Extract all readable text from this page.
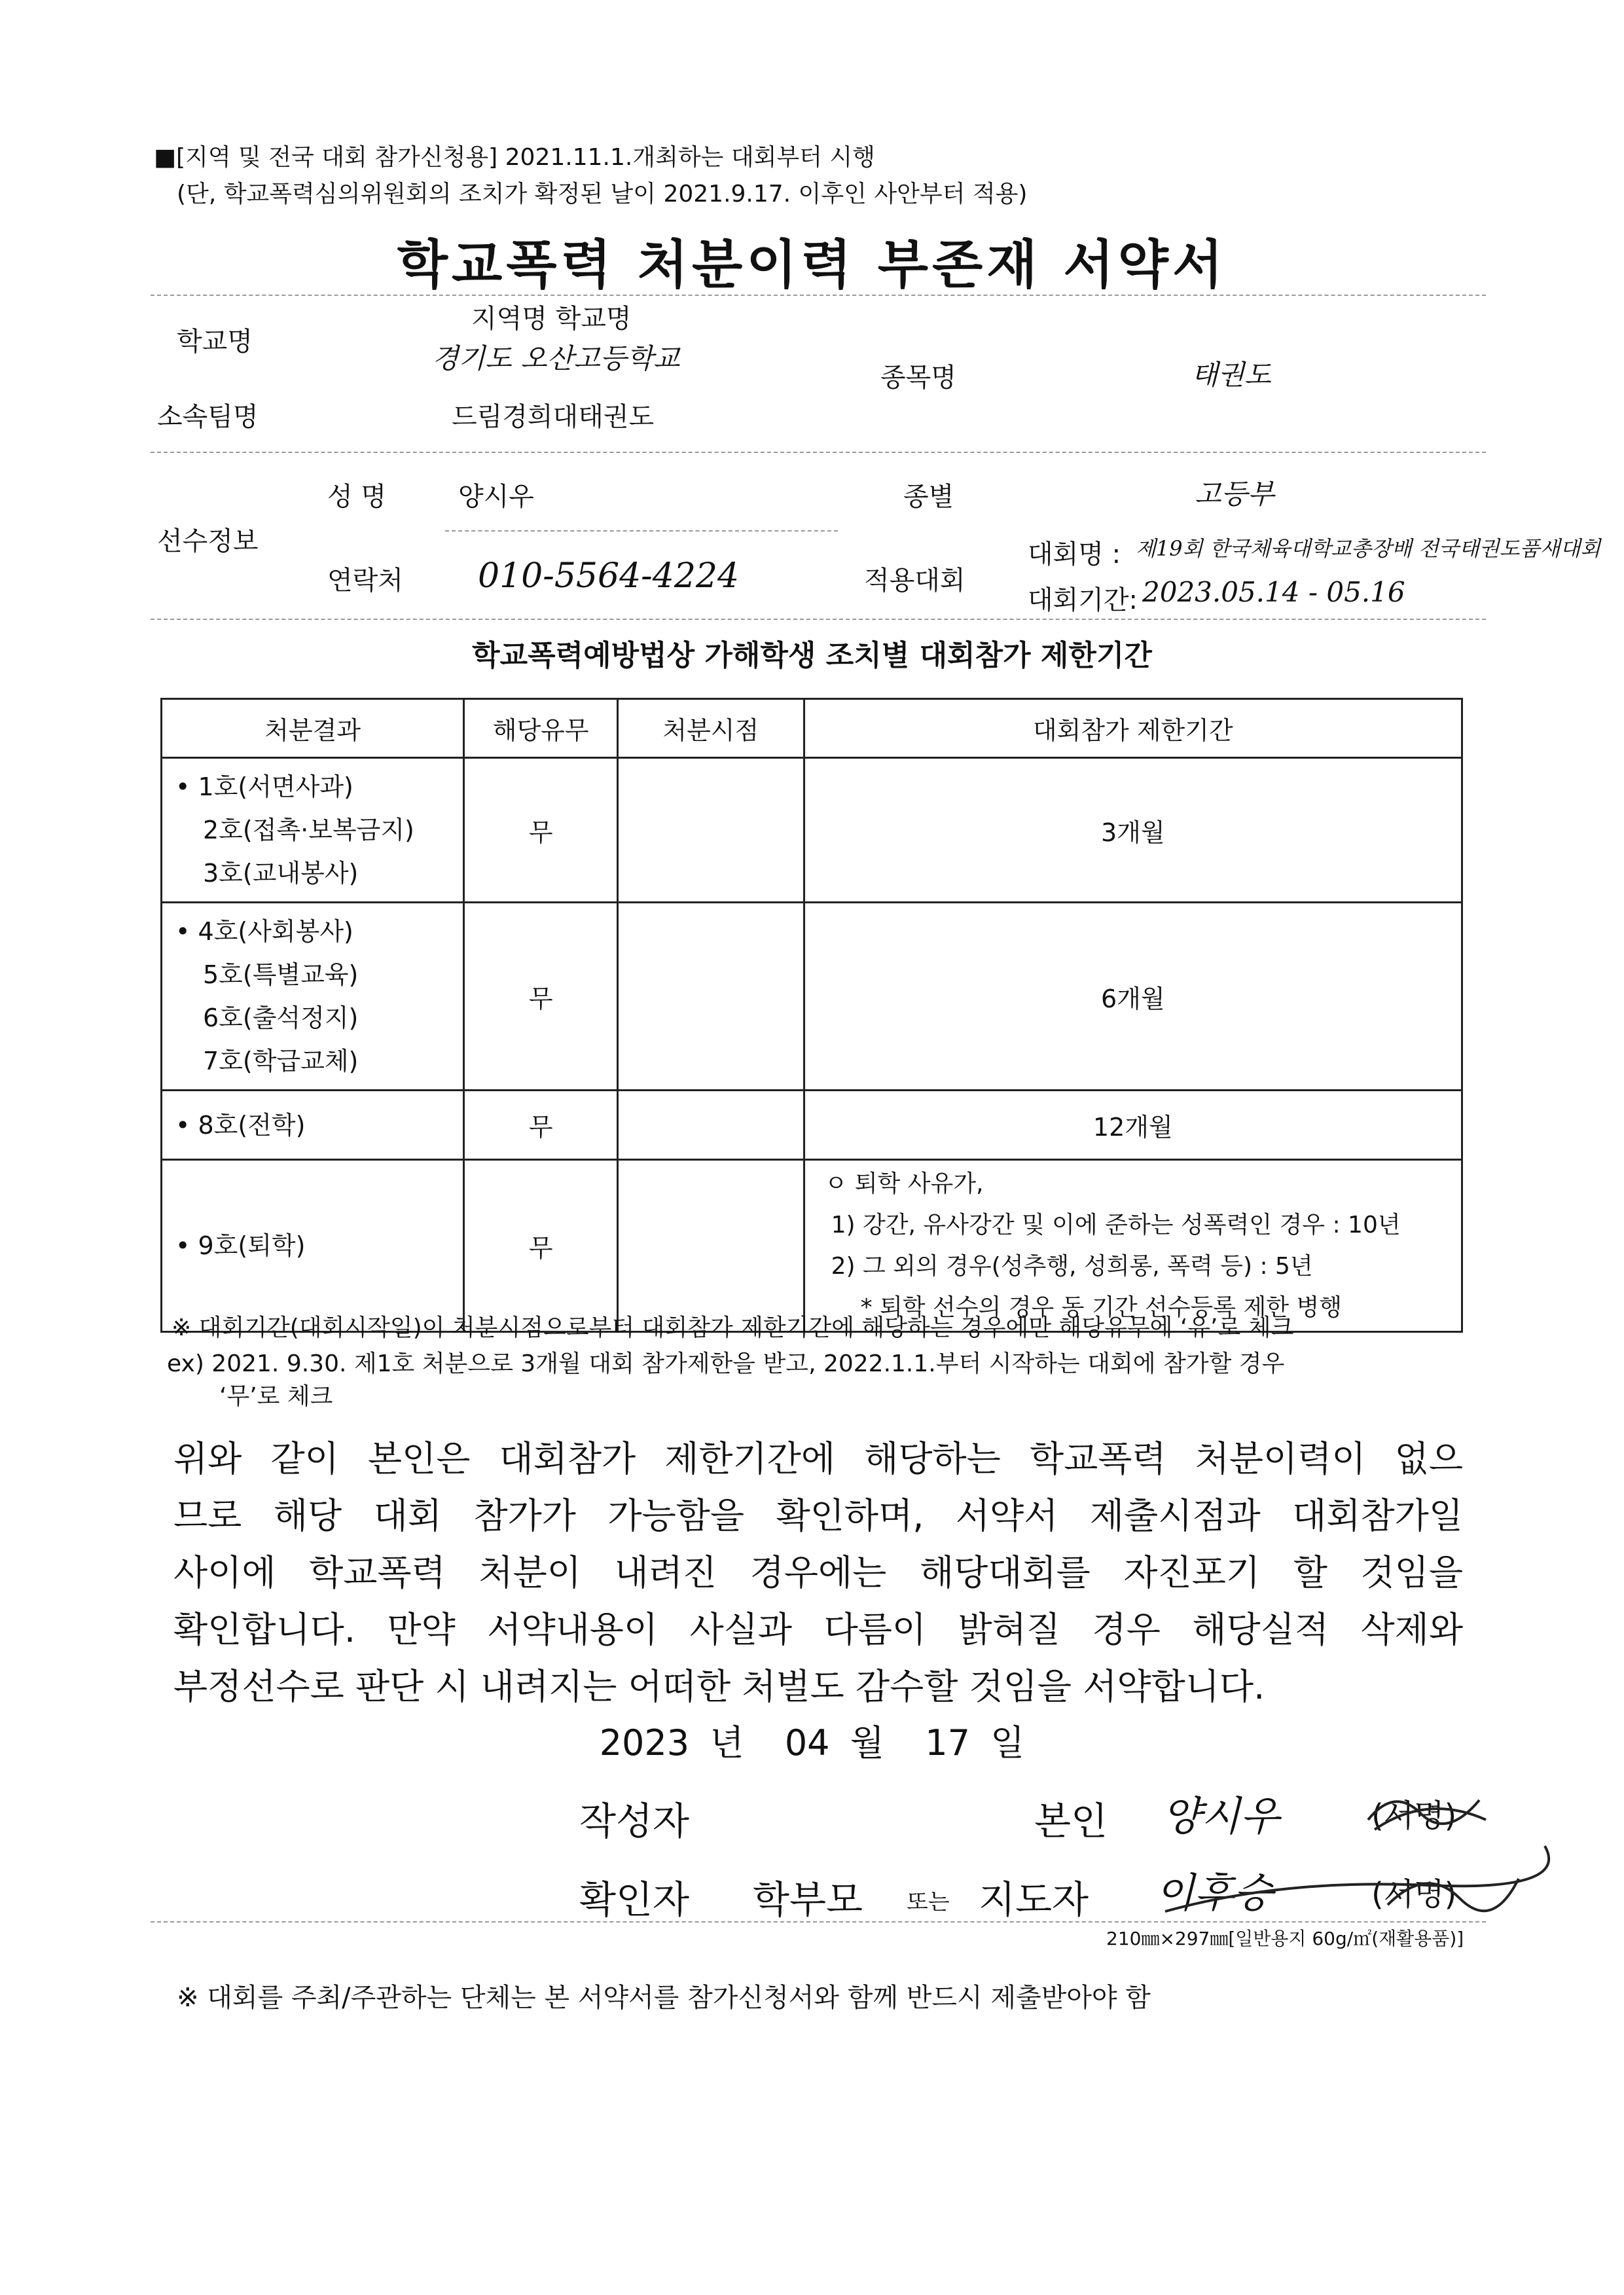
■[지역 및 전국 대회 참가신청용] 2021.11.1.개최하는 대회부터 시행
(단, 학교폭력심의위원회의 조치가 확정된 날이 2021.9.17. 이후인 사안부터 적용)
학교폭력 처분이력 부존재 서약서
학교명
지역명 학교명
경기도 오산고등학교
종목명	태권도
소속팀명	드림경희대태권도
선수정보
성 명	양시우	종별	고등부
연락처 010-5564-4224	적용대회
대회명 : 제19회 한국체육대학교총장배 전국태권도품새대회
대회기간: 2023.05.14 - 05.16
학교폭력예방법상 가해학생 조치별 대회참가 제한기간
처분결과	해당유무	처분시점	대회참가 제한기간

• 1호(서면사과)
2호(접촉·보복금지)
3호(교내봉사)	무		3개월

• 4호(사회봉사)
5호(특별교육)
6호(출석정지)
7호(학급교체)	무		6개월
• 8호(전학)	무		12개월
• 9호(퇴학)	무		ㅇ 퇴학 사유가,
1) 강간, 유사강간 및 이에 준하는 성폭력인 경우 : 10년
2) 그 외의 경우(성추행, 성희롱, 폭력 등) : 5년
* 퇴학 선수의 경우 동 기간 선수등록 제한 병행
※ 대회기간(대회시작일)이 처분시점으로부터 대회참가 제한기간에 해당하는 경우에만 해당유무에 ‘유’로 체크
ex) 2021. 9.30. 제1호 처분으로 3개월 대회 참가제한을 받고, 2022.1.1.부터 시작하는 대회에 참가할 경우
‘무’로 체크
위와 같이 본인은 대회참가 제한기간에 해당하는 학교폭력 처분이력이 없으
므로 해당 대회 참가가 가능함을 확인하며, 서약서 제출시점과 대회참가일
사이에 학교폭력 처분이 내려진 경우에는 해당대회를 자진포기 할 것임을
확인합니다. 만약 서약내용이 사실과 다름이 밝혀질 경우 해당실적 삭제와
부정선수로 판단 시 내려지는 어떠한 처벌도 감수할 것임을 서약합니다.
2023 년 04 월 17 일
작성자	본인 양시우	(서명)
확인자 학부모 또는 지도자 이후승	(서명)
210㎜×297㎜[일반용지 60g/㎡(재활용품)]
※ 대회를 주최/주관하는 단체는 본 서약서를 참가신청서와 함께 반드시 제출받아야 함
